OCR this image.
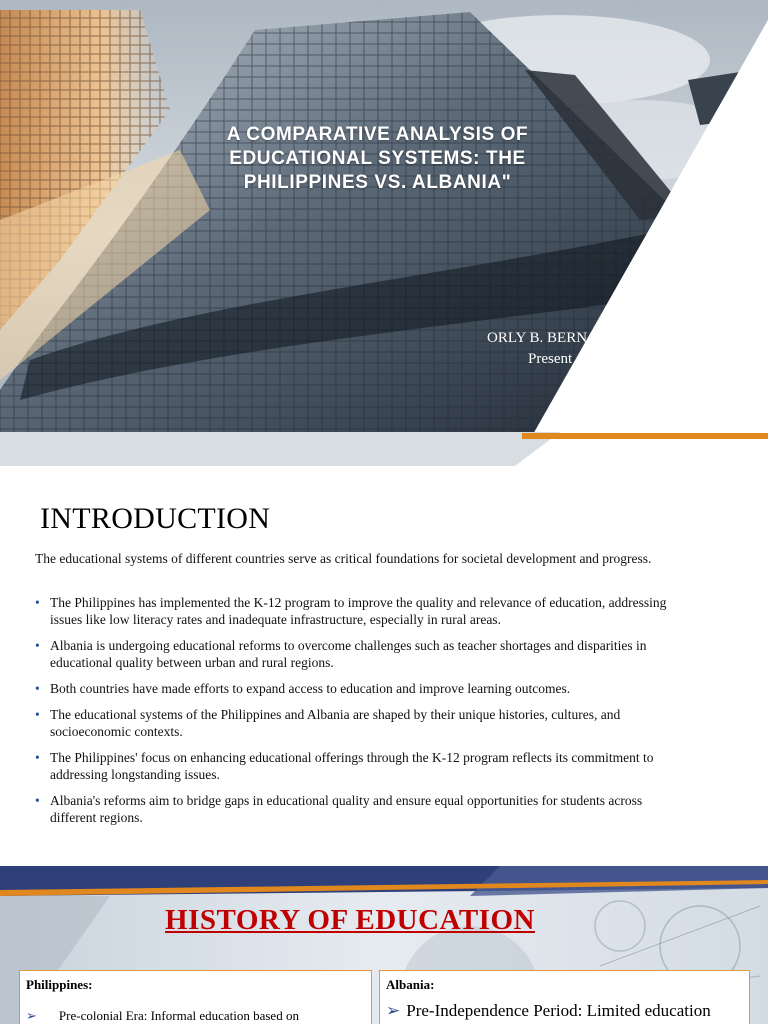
A COMPARATIVE ANALYSIS OF EDUCATIONAL SYSTEMS: THE PHILIPPINES VS. ALBANIA"
ORLY B. BERN
Present
INTRODUCTION
The educational systems of different countries serve as critical foundations for societal development and progress.
• The Philippines has implemented the K-12 program to improve the quality and relevance of education, addressing issues like low literacy rates and inadequate infrastructure, especially in rural areas.
• Albania is undergoing educational reforms to overcome challenges such as teacher shortages and disparities in educational quality between urban and rural regions.
• Both countries have made efforts to expand access to education and improve learning outcomes.
• The educational systems of the Philippines and Albania are shaped by their unique histories, cultures, and socioeconomic contexts.
• The Philippines' focus on enhancing educational offerings through the K-12 program reflects its commitment to addressing longstanding issues.
• Albania's reforms aim to bridge gaps in educational quality and ensure equal opportunities for students across different regions.
HISTORY OF EDUCATION
Philippines:
➢ Pre-colonial Era: Informal education based on
Albania:
➢ Pre-Independence Period: Limited education
